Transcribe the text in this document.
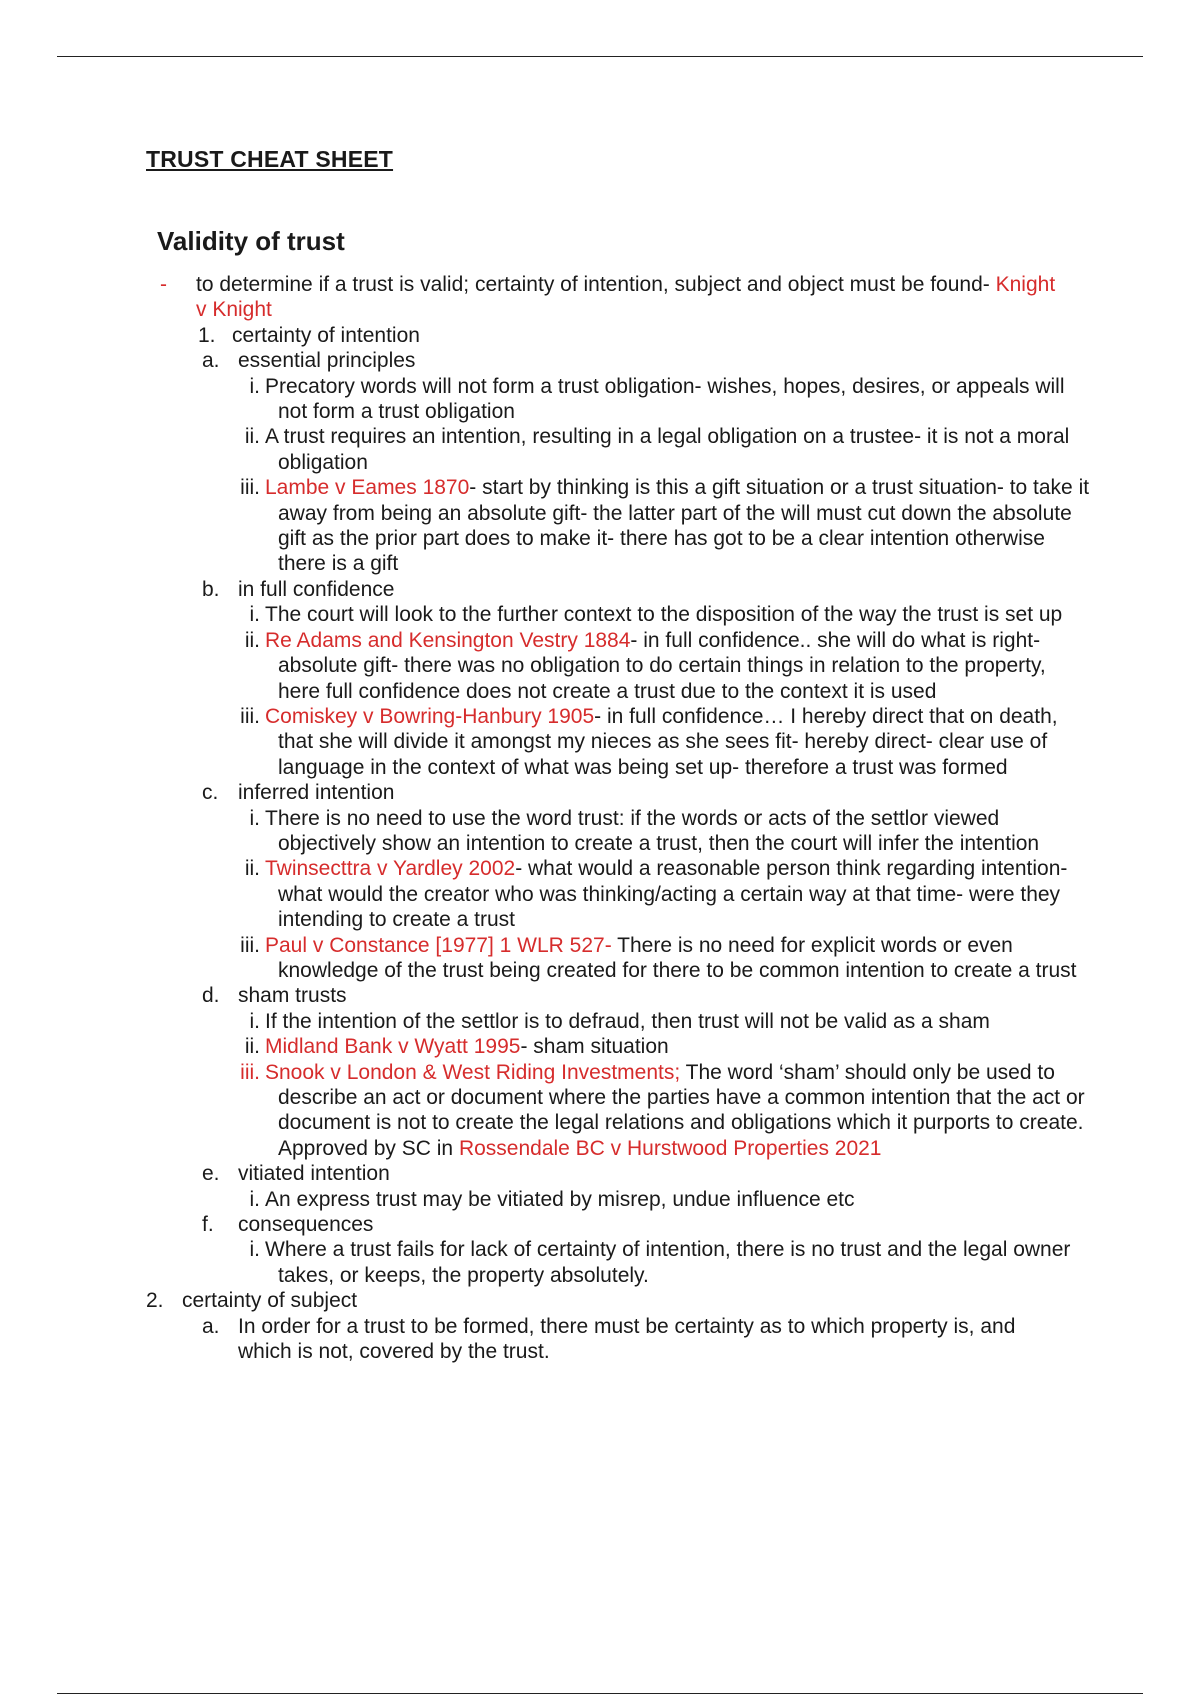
TRUST CHEAT SHEET
Validity of trust
- to determine if a trust is valid; certainty of intention, subject and object must be found- Knight v Knight
1. certainty of intention
a. essential principles
i. Precatory words will not form a trust obligation- wishes, hopes, desires, or appeals will not form a trust obligation
ii. A trust requires an intention, resulting in a legal obligation on a trustee- it is not a moral obligation
iii. Lambe v Eames 1870- start by thinking is this a gift situation or a trust situation- to take it away from being an absolute gift- the latter part of the will must cut down the absolute gift as the prior part does to make it- there has got to be a clear intention otherwise there is a gift
b. in full confidence
i. The court will look to the further context to the disposition of the way the trust is set up
ii. Re Adams and Kensington Vestry 1884- in full confidence.. she will do what is right- absolute gift- there was no obligation to do certain things in relation to the property, here full confidence does not create a trust due to the context it is used
iii. Comiskey v Bowring-Hanbury 1905- in full confidence… I hereby direct that on death, that she will divide it amongst my nieces as she sees fit- hereby direct- clear use of language in the context of what was being set up- therefore a trust was formed
c. inferred intention
i. There is no need to use the word trust: if the words or acts of the settlor viewed objectively show an intention to create a trust, then the court will infer the intention
ii. Twinsecttra v Yardley 2002- what would a reasonable person think regarding intention- what would the creator who was thinking/acting a certain way at that time- were they intending to create a trust
iii. Paul v Constance [1977] 1 WLR 527- There is no need for explicit words or even knowledge of the trust being created for there to be common intention to create a trust
d. sham trusts
i. If the intention of the settlor is to defraud, then trust will not be valid as a sham
ii. Midland Bank v Wyatt 1995- sham situation
iii. Snook v London & West Riding Investments; The word ‘sham’ should only be used to describe an act or document where the parties have a common intention that the act or document is not to create the legal relations and obligations which it purports to create. Approved by SC in Rossendale BC v Hurstwood Properties 2021
e. vitiated intention
i. An express trust may be vitiated by misrep, undue influence etc
f. consequences
i. Where a trust fails for lack of certainty of intention, there is no trust and the legal owner takes, or keeps, the property absolutely.
2. certainty of subject
a. In order for a trust to be formed, there must be certainty as to which property is, and which is not, covered by the trust.
